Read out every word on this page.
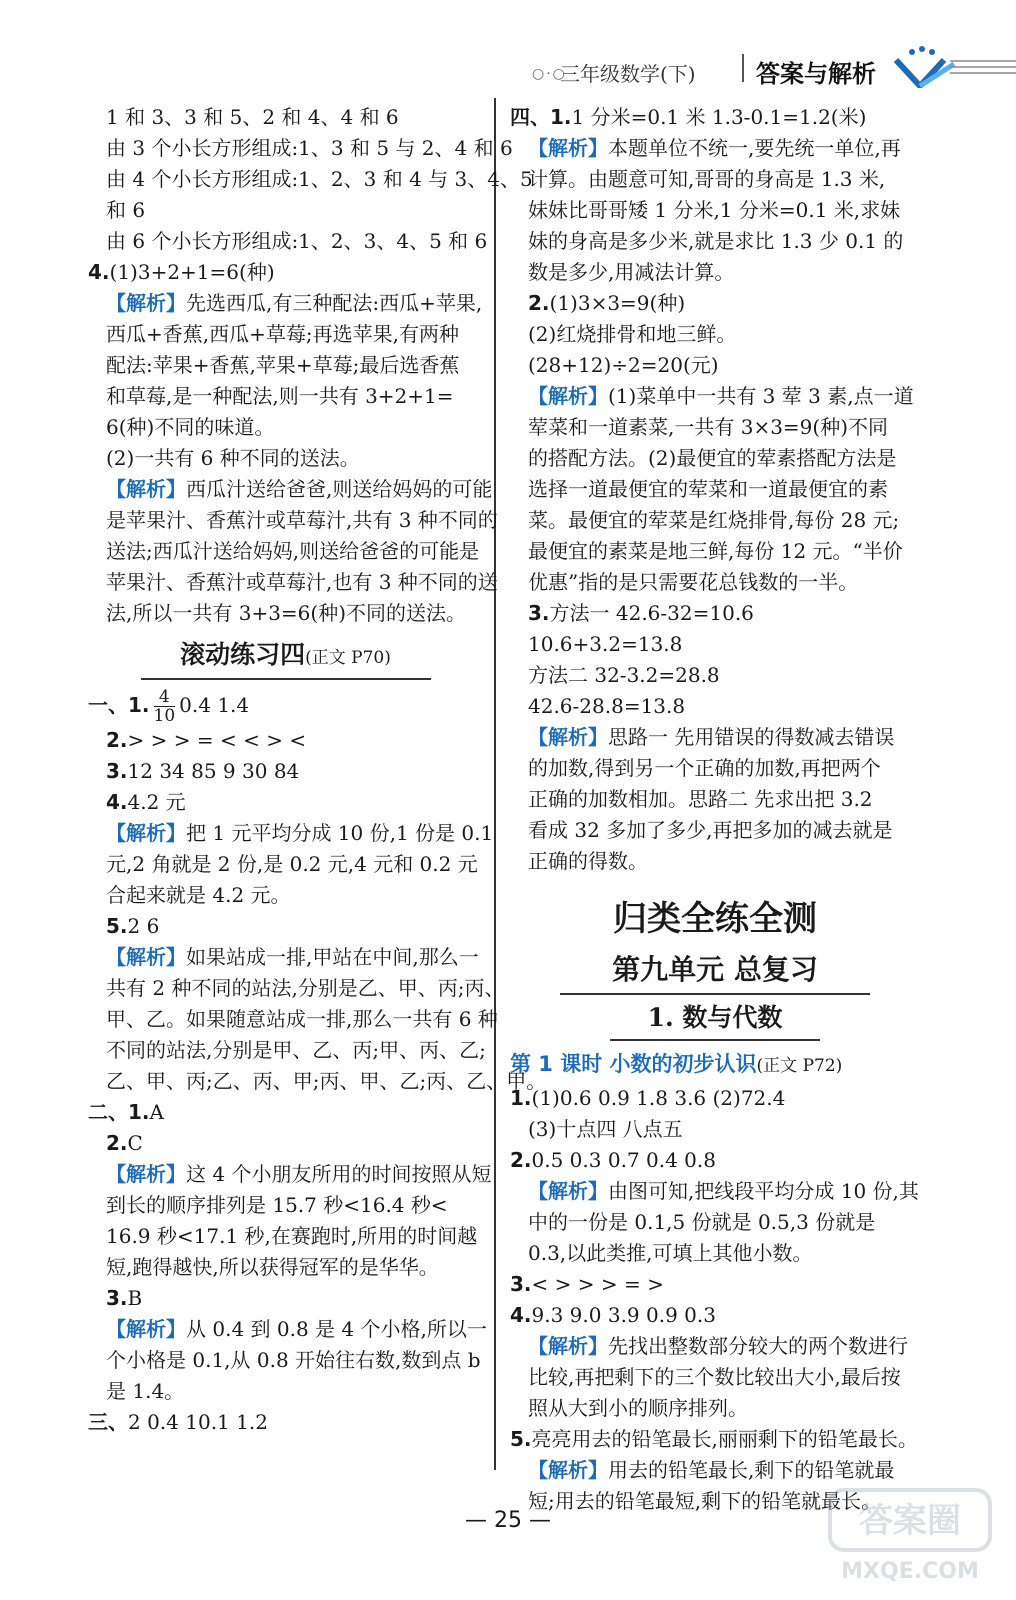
○·○
三年级数学(下)	答案与解析
1 和 3、3 和 5、2 和 4、4 和 6
由 3 个小长方形组成:1、3 和 5 与 2、4 和 6
由 4 个小长方形组成:1、2、3 和 4 与 3、4、5
和 6
由 6 个小长方形组成:1、2、3、4、5 和 6
4.(1)3+2+1=6(种)
【解析】先选西瓜,有三种配法:西瓜+苹果,
西瓜+香蕉,西瓜+草莓;再选苹果,有两种
配法:苹果+香蕉,苹果+草莓;最后选香蕉
和草莓,是一种配法,则一共有 3+2+1=
6(种)不同的味道。
(2)一共有 6 种不同的送法。
【解析】西瓜汁送给爸爸,则送给妈妈的可能
是苹果汁、香蕉汁或草莓汁,共有 3 种不同的
送法;西瓜汁送给妈妈,则送给爸爸的可能是
苹果汁、香蕉汁或草莓汁,也有 3 种不同的送
法,所以一共有 3+3=6(种)不同的送法。
滚动练习四(正文 P70)
一、1. $\frac{4}{10} 0.4$ 1.4
2.> > > = < < > <
3.12 34 85 9 30 84
4.4.2 元
【解析】把 1 元平均分成 10 份,1 份是 0.1
元,2 角就是 2 份,是 0.2 元,4 元和 0.2 元
合起来就是 4.2 元。
5.2 6
【解析】如果站成一排,甲站在中间,那么一
共有 2 种不同的站法,分别是乙、甲、丙;丙、
甲、乙。如果随意站成一排,那么一共有 6 种
不同的站法,分别是甲、乙、丙;甲、丙、乙;
乙、甲、丙;乙、丙、甲;丙、甲、乙;丙、乙、甲。
二、1.A
2.C
【解析】这 4 个小朋友所用的时间按照从短
到长的顺序排列是 15.7 秒<16.4 秒<
16.9 秒<17.1 秒,在赛跑时,所用的时间越
短,跑得越快,所以获得冠军的是华华。
3.B
【解析】从 0.4 到 0.8 是 4 个小格,所以一
个小格是 0.1,从 0.8 开始往右数,数到点 b
是 1.4。
三、2 0.4 10.1 1.2
四、1.1 分米=0.1 米 1.3-0.1=1.2(米)
【解析】本题单位不统一,要先统一单位,再
计算。由题意可知,哥哥的身高是 1.3 米,
妹妹比哥哥矮 1 分米,1 分米=0.1 米,求妹
妹的身高是多少米,就是求比 1.3 少 0.1 的
数是多少,用减法计算。
2.(1)3×3=9(种)
(2)红烧排骨和地三鲜。
(28+12)÷2=20(元)
【解析】(1)菜单中一共有 3 荤 3 素,点一道
荤菜和一道素菜,一共有 3×3=9(种)不同
的搭配方法。(2)最便宜的荤素搭配方法是
选择一道最便宜的荤菜和一道最便宜的素
菜。最便宜的荤菜是红烧排骨,每份 28 元;
最便宜的素菜是地三鲜,每份 12 元。“半价
优惠”指的是只需要花总钱数的一半。
3.方法一 42.6-32=10.6
10.6+3.2=13.8
方法二 32-3.2=28.8
42.6-28.8=13.8
【解析】思路一 先用错误的得数减去错误
的加数,得到另一个正确的加数,再把两个
正确的加数相加。思路二 先求出把 3.2
看成 32 多加了多少,再把多加的减去就是
正确的得数。
归类全练全测
第九单元 总复习
1. 数与代数
第 1 课时 小数的初步认识(正文 P72)
1.(1)0.6 0.9 1.8 3.6 (2)72.4
(3)十点四 八点五
2.0.5 0.3 0.7 0.4 0.8
【解析】由图可知,把线段平均分成 10 份,其
中的一份是 0.1,5 份就是 0.5,3 份就是
0.3,以此类推,可填上其他小数。
3.< > > > = >
4.9.3 9.0 3.9 0.9 0.3
【解析】先找出整数部分较大的两个数进行
比较,再把剩下的三个数比较出大小,最后按
照从大到小的顺序排列。
5.亮亮用去的铅笔最长,丽丽剩下的铅笔最长。
【解析】用去的铅笔最长,剩下的铅笔就最
短;用去的铅笔最短,剩下的铅笔就最长。
— 25 —	答案圈
MXQE.COM
